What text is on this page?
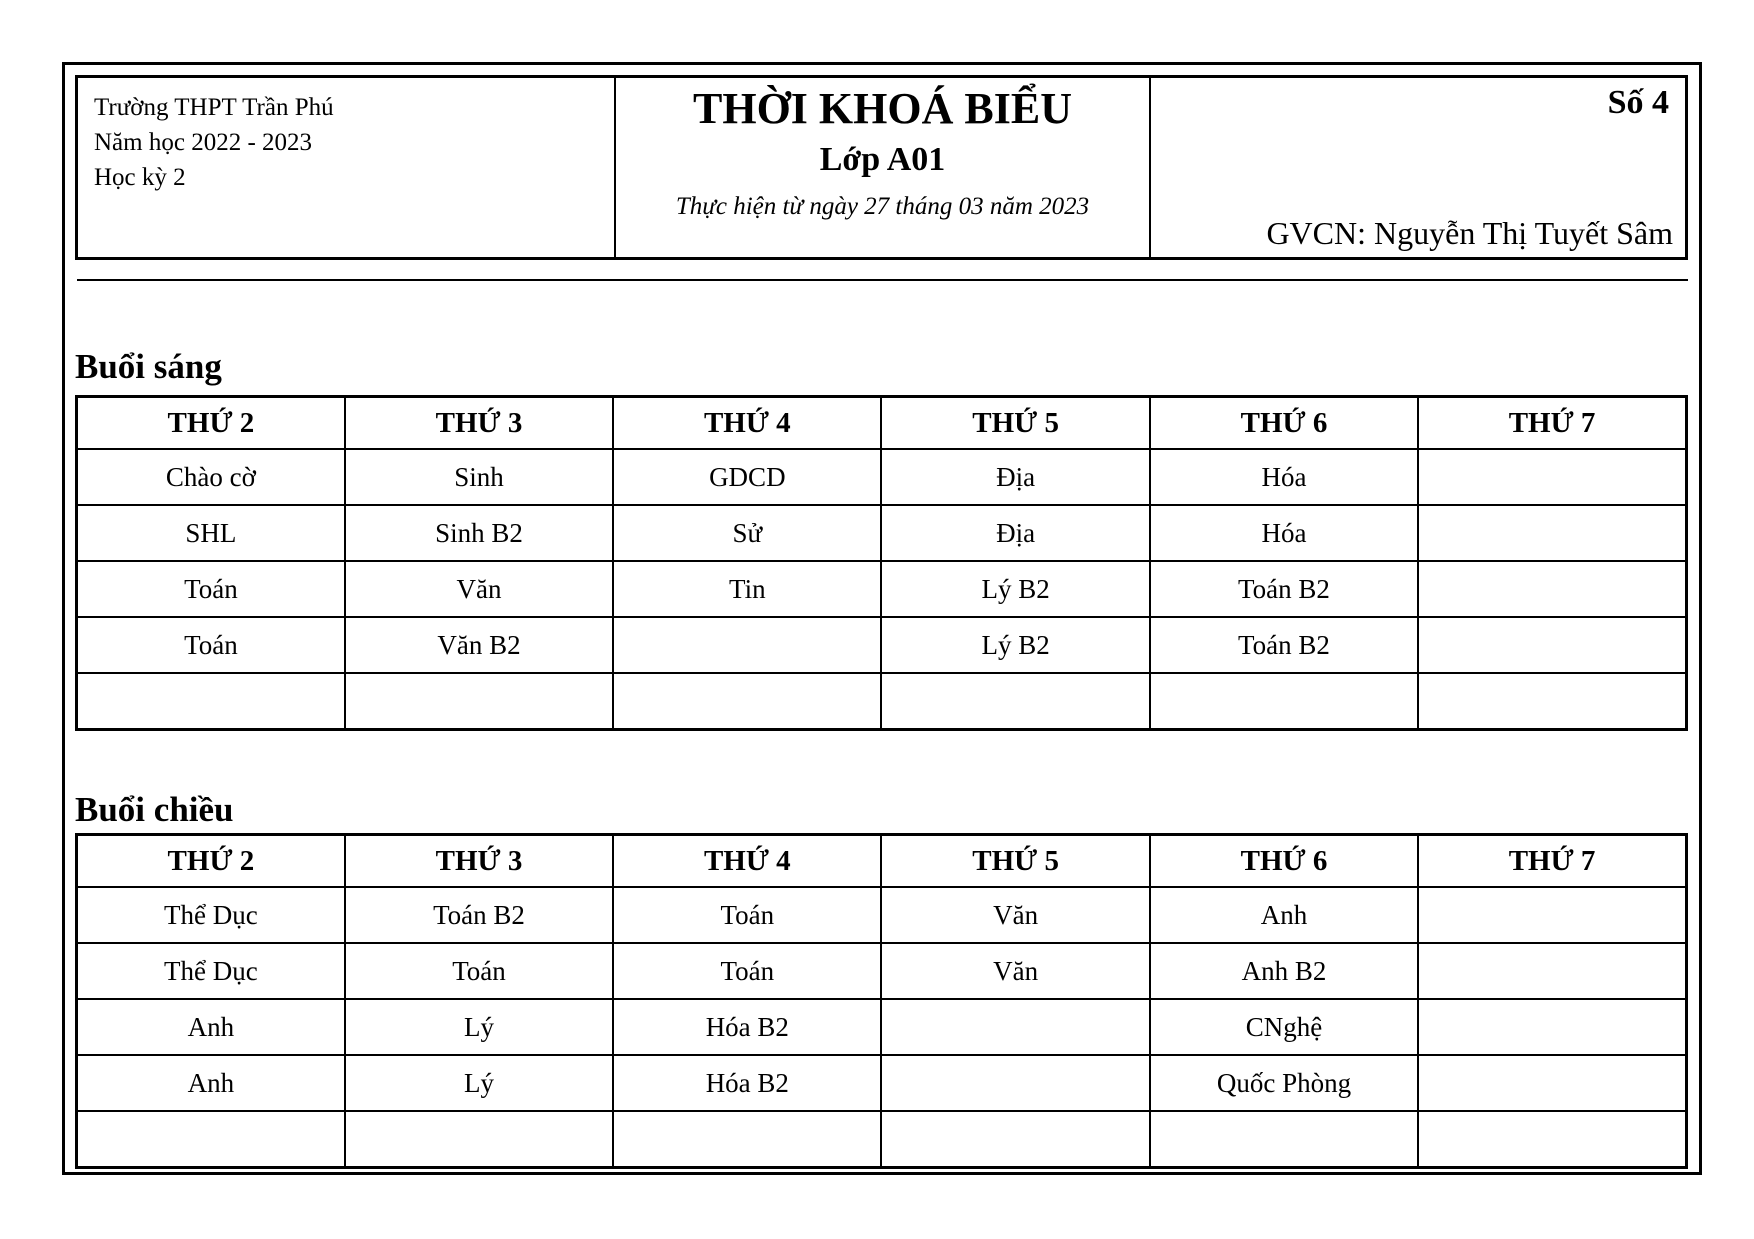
Trường THPT Trần Phú
Năm học 2022 - 2023
Học kỳ 2
THỜI KHOÁ BIỂU
Lớp A01
Thực hiện từ ngày 27 tháng 03 năm 2023
Số 4
GVCN: Nguyễn Thị Tuyết Sâm
Buổi sáng
THỨ 2	THỨ 3	THỨ 4	THỨ 5	THỨ 6	THỨ 7
Chào cờ	Sinh	GDCD	Địa	Hóa	
SHL	Sinh B2	Sử	Địa	Hóa	
Toán	Văn	Tin	Lý B2	Toán B2	
Toán	Văn B2		Lý B2	Toán B2	

Buổi chiều
THỨ 2	THỨ 3	THỨ 4	THỨ 5	THỨ 6	THỨ 7
Thể Dục	Toán B2	Toán	Văn	Anh	
Thể Dục	Toán	Toán	Văn	Anh B2	
Anh	Lý	Hóa B2		CNghệ	
Anh	Lý	Hóa B2		Quốc Phòng	
